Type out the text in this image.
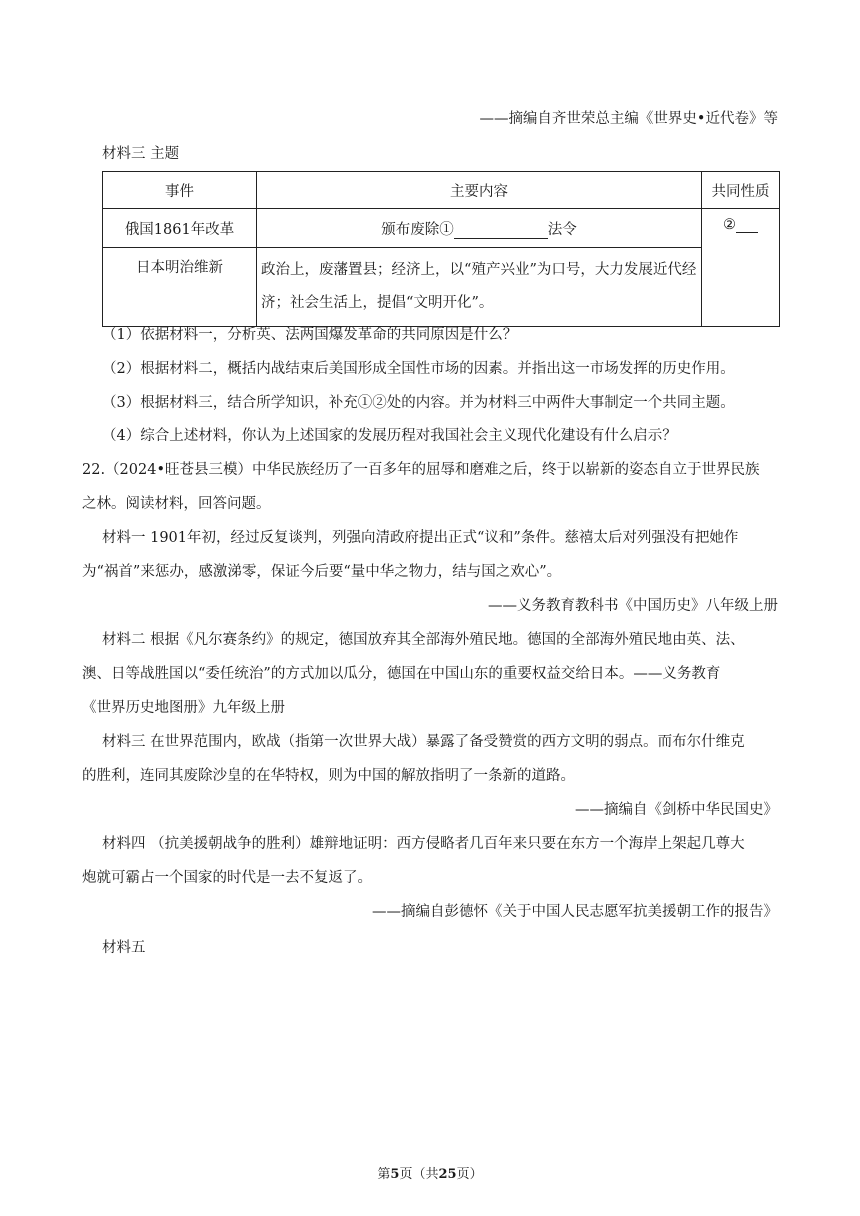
——摘编自齐世荣总主编《世界史•近代卷》等
材料三 主题
事件	主要内容	共同性质
俄国1861年改革	颁布废除① 法令	②
日本明治维新	政治上，废藩置县；经济上，以“殖产兴业”为口号，大力发展近代经济；社会生活上，提倡“文明开化”。	
（1）依据材料一，分析英、法两国爆发革命的共同原因是什么？
（2）根据材料二，概括内战结束后美国形成全国性市场的因素。并指出这一市场发挥的历史作用。
（3）根据材料三，结合所学知识，补充①②处的内容。并为材料三中两件大事制定一个共同主题。
（4）综合上述材料，你认为上述国家的发展历程对我国社会主义现代化建设有什么启示？
22.（2024•旺苍县三模）中华民族经历了一百多年的屈辱和磨难之后，终于以崭新的姿态自立于世界民族
之林。阅读材料，回答问题。
材料一 1901年初，经过反复谈判，列强向清政府提出正式“议和”条件。慈禧太后对列强没有把她作
为“祸首”来惩办，感激涕零，保证今后要“量中华之物力，结与国之欢心”。
——义务教育教科书《中国历史》八年级上册
材料二 根据《凡尔赛条约》的规定，德国放弃其全部海外殖民地。德国的全部海外殖民地由英、法、
澳、日等战胜国以“委任统治”的方式加以瓜分，德国在中国山东的重要权益交给日本。——义务教育
《世界历史地图册》九年级上册
材料三 在世界范围内，欧战（指第一次世界大战）暴露了备受赞赏的西方文明的弱点。而布尔什维克
的胜利，连同其废除沙皇的在华特权，则为中国的解放指明了一条新的道路。
——摘编自《剑桥中华民国史》
材料四 （抗美援朝战争的胜利）雄辩地证明：西方侵略者几百年来只要在东方一个海岸上架起几尊大
炮就可霸占一个国家的时代是一去不复返了。
——摘编自彭德怀《关于中国人民志愿军抗美援朝工作的报告》
材料五
第5页（共25页）
